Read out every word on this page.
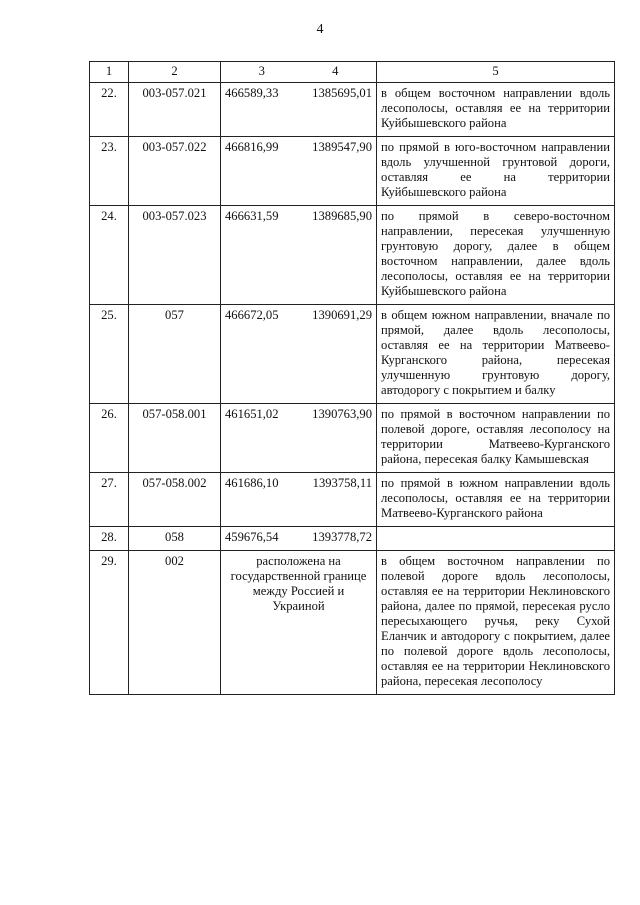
4
1	2	3 4	5
22.	003-057.021	466589,33 1385695,01	в общем восточном направлении вдоль лесополосы, оставляя ее на территории Куйбышевского района
23.	003-057.022	466816,99 1389547,90	по прямой в юго-восточном направлении вдоль улучшенной грунтовой дороги, оставляя ее на территории Куйбышевского района
24.	003-057.023	466631,59 1389685,90	по прямой в северо-восточном направлении, пересекая улучшенную грунтовую дорогу, далее в общем восточном направлении, далее вдоль лесополосы, оставляя ее на территории Куйбышевского района
25.	057	466672,05 1390691,29	в общем южном направлении, вначале по прямой, далее вдоль лесополосы, оставляя ее на территории Матвеево-Курганского района, пересекая улучшенную грунтовую дорогу, автодорогу с покрытием и балку
26.	057-058.001	461651,02 1390763,90	по прямой в восточном направлении по полевой дороге, оставляя лесополосу на территории Матвеево-Курганского района, пересекая балку Камышевская
27.	057-058.002	461686,10 1393758,11	по прямой в южном направлении вдоль лесополосы, оставляя ее на территории Матвеево-Курганского района
28.	058	459676,54 1393778,72	

29.	002	расположена на государственной границе между Россией и Украиной	в общем восточном направлении по полевой дороге вдоль лесополосы, оставляя ее на территории Неклиновского района, далее по прямой, пересекая русло пересыхающего ручья, реку Сухой Еланчик и автодорогу с покрытием, далее по полевой дороге вдоль лесополосы, оставляя ее на территории Неклиновского района, пересекая лесополосу
